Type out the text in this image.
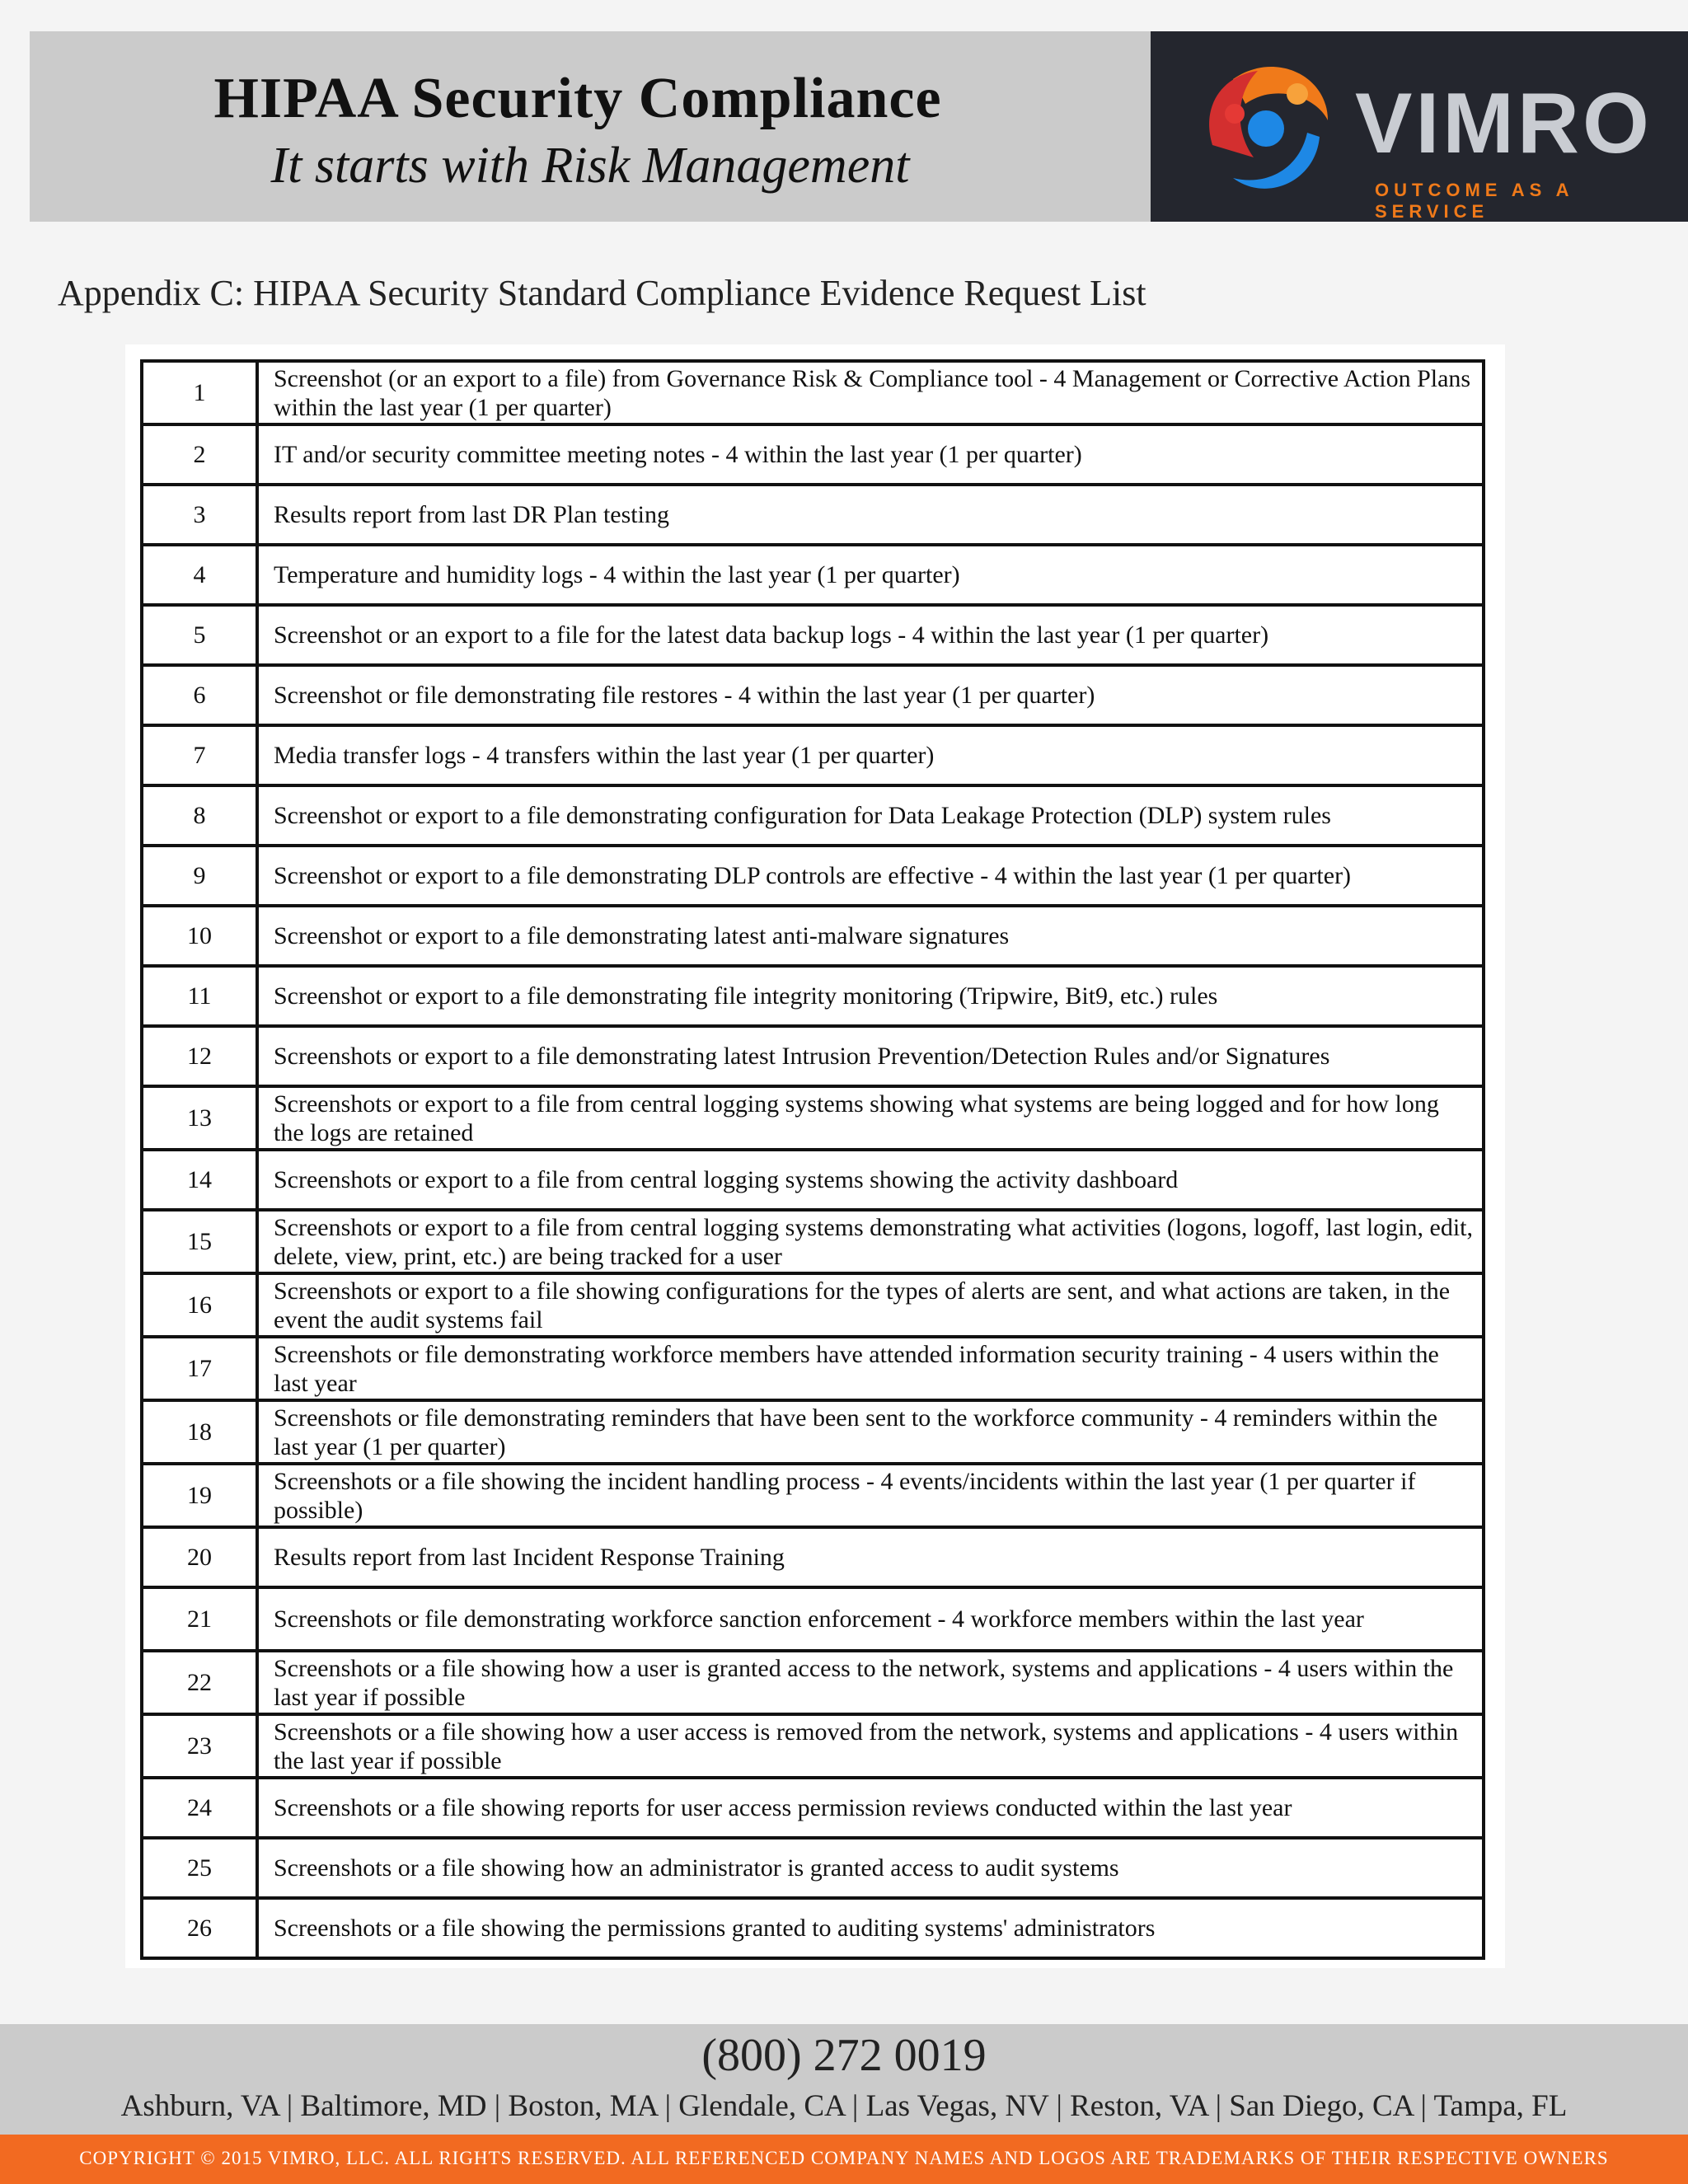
HIPAA Security Compliance
It starts with Risk Management	VIMRO
OUTCOME AS A SERVICE
Appendix C: HIPAA Security Standard Compliance Evidence Request List
1	Screenshot (or an export to a file) from Governance Risk & Compliance tool - 4 Management or Corrective Action Plans within the last year (1 per quarter)
2	IT and/or security committee meeting notes - 4 within the last year (1 per quarter)
3	Results report from last DR Plan testing
4	Temperature and humidity logs - 4 within the last year (1 per quarter)
5	Screenshot or an export to a file for the latest data backup logs - 4 within the last year (1 per quarter)
6	Screenshot or file demonstrating file restores - 4 within the last year (1 per quarter)
7	Media transfer logs - 4 transfers within the last year (1 per quarter)
8	Screenshot or export to a file demonstrating configuration for Data Leakage Protection (DLP) system rules
9	Screenshot or export to a file demonstrating DLP controls are effective - 4 within the last year (1 per quarter)
10	Screenshot or export to a file demonstrating latest anti-malware signatures
11	Screenshot or export to a file demonstrating file integrity monitoring (Tripwire, Bit9, etc.) rules
12	Screenshots or export to a file demonstrating latest Intrusion Prevention/Detection Rules and/or Signatures
13	Screenshots or export to a file from central logging systems showing what systems are being logged and for how long the logs are retained
14	Screenshots or export to a file from central logging systems showing the activity dashboard
15	Screenshots or export to a file from central logging systems demonstrating what activities (logons, logoff, last login, edit, delete, view, print, etc.) are being tracked for a user
16	Screenshots or export to a file showing configurations for the types of alerts are sent, and what actions are taken, in the event the audit systems fail
17	Screenshots or file demonstrating workforce members have attended information security training - 4 users within the last year
18	Screenshots or file demonstrating reminders that have been sent to the workforce community - 4 reminders within the last year (1 per quarter)
19	Screenshots or a file showing the incident handling process - 4 events/incidents within the last year (1 per quarter if possible)
20	Results report from last Incident Response Training
21	Screenshots or file demonstrating workforce sanction enforcement - 4 workforce members within the last year
22	Screenshots or a file showing how a user is granted access to the network, systems and applications - 4 users within the last year if possible
23	Screenshots or a file showing how a user access is removed from the network, systems and applications - 4 users within the last year if possible
24	Screenshots or a file showing reports for user access permission reviews conducted within the last year
25	Screenshots or a file showing how an administrator is granted access to audit systems
26	Screenshots or a file showing the permissions granted to auditing systems' administrators
(800) 272 0019
Ashburn, VA | Baltimore, MD | Boston, MA | Glendale, CA | Las Vegas, NV | Reston, VA | San Diego, CA | Tampa, FL
COPYRIGHT © 2015 VIMRO, LLC. ALL RIGHTS RESERVED. ALL REFERENCED COMPANY NAMES AND LOGOS ARE TRADEMARKS OF THEIR RESPECTIVE OWNERS
